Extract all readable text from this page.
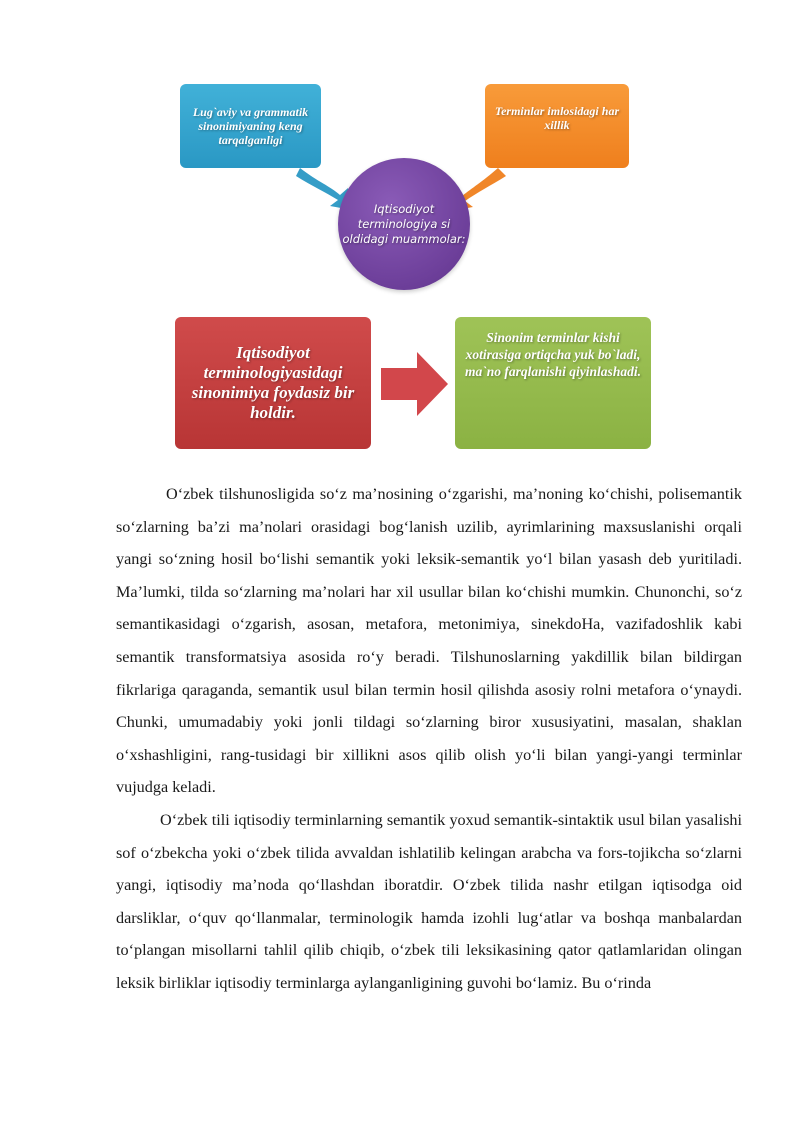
Lug`aviy va grammatik sinonimiyaning keng tarqalganligi
Terminlar imlosidagi har xillik
Iqtisodiyot terminologiya si oldidagi muammolar:
Iqtisodiyot terminologiyasidagi sinonimiya foydasiz bir holdir.
Sinonim terminlar kishi xotirasiga ortiqcha yuk bo`ladi, ma`no farqlanishi qiyinlashadi.

O‘zbek tilshunosligida so‘z ma’nosining o‘zgarishi, ma’noning ko‘chishi, polisemantik so‘zlarning ba’zi ma’nolari orasidagi bog‘lanish uzilib, ayrimlarining maxsuslanishi orqali yangi so‘zning hosil bo‘lishi semantik yoki leksik-semantik yo‘l bilan yasash deb yuritiladi. Ma’lumki, tilda so‘zlarning ma’nolari har xil usullar bilan ko‘chishi mumkin. Chunonchi, so‘z semantikasidagi o‘zgarish, asosan, metafora, metonimiya, sinekdoHa, vazifadoshlik kabi semantik transformatsiya asosida ro‘y beradi. Tilshunoslarning yakdillik bilan bildirgan fikrlariga qaraganda, semantik usul bilan termin hosil qilishda asosiy rolni metafora o‘ynaydi. Chunki, umumadabiy yoki jonli tildagi so‘zlarning biror xususiyatini, masalan, shaklan o‘xshashligini, rang-tusidagi bir xillikni asos qilib olish yo‘li bilan yangi-yangi terminlar vujudga keladi.

O‘zbek tili iqtisodiy terminlarning semantik yoxud semantik-sintaktik usul bilan yasalishi sof o‘zbekcha yoki o‘zbek tilida avvaldan ishlatilib kelingan arabcha va fors-tojikcha so‘zlarni yangi, iqtisodiy ma’noda qo‘llashdan iboratdir. O‘zbek tilida nashr etilgan iqtisodga oid darsliklar, o‘quv qo‘llanmalar, terminologik hamda izohli lug‘atlar va boshqa manbalardan to‘plangan misollarni tahlil qilib chiqib, o‘zbek tili leksikasining qator qatlamlaridan olingan leksik birliklar iqtisodiy terminlarga aylanganligining guvohi bo‘lamiz. Bu o‘rinda
